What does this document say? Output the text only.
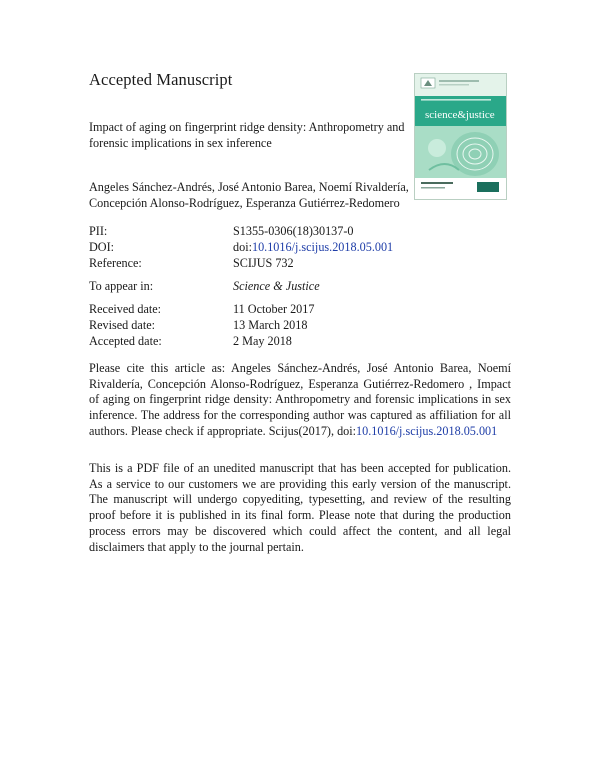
Accepted Manuscript
Impact of aging on fingerprint ridge density: Anthropometry and forensic implications in sex inference
Angeles Sánchez-Andrés, José Antonio Barea, Noemí Rivaldería, Concepción Alonso-Rodríguez, Esperanza Gutiérrez-Redomero
science&justice
PII:	S1355-0306(18)30137-0
DOI:	doi:10.1016/j.scijus.2018.05.001
Reference:	SCIJUS 732
To appear in:	Science & Justice
Received date:	11 October 2017
Revised date:	13 March 2018
Accepted date:	2 May 2018
Please cite this article as: Angeles Sánchez-Andrés, José Antonio Barea, Noemí Rivaldería, Concepción Alonso-Rodríguez, Esperanza Gutiérrez-Redomero , Impact of aging on fingerprint ridge density: Anthropometry and forensic implications in sex inference. The address for the corresponding author was captured as affiliation for all authors. Please check if appropriate. Scijus(2017), doi:10.1016/j.scijus.2018.05.001
This is a PDF file of an unedited manuscript that has been accepted for publication. As a service to our customers we are providing this early version of the manuscript. The manuscript will undergo copyediting, typesetting, and review of the resulting proof before it is published in its final form. Please note that during the production process errors may be discovered which could affect the content, and all legal disclaimers that apply to the journal pertain.
